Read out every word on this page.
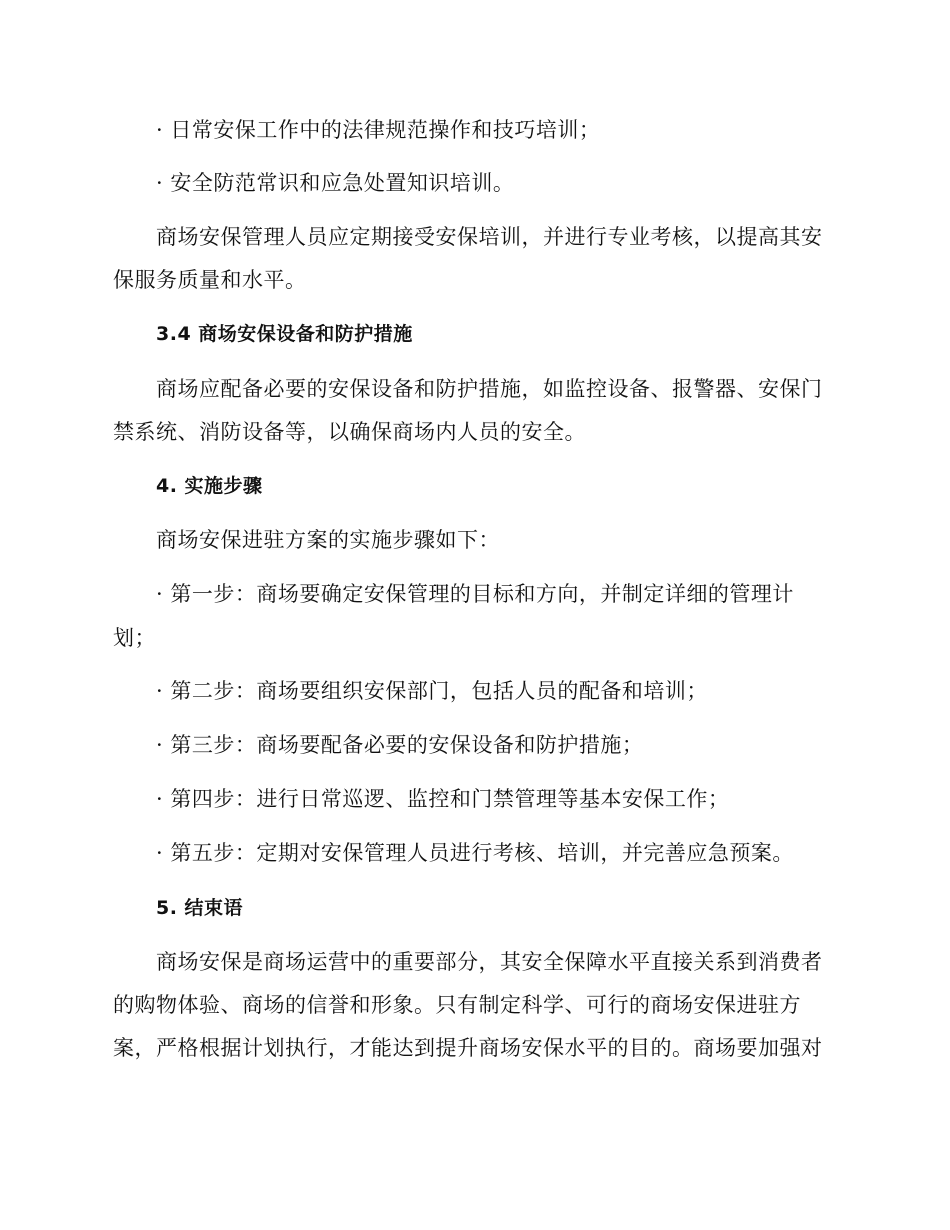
· 日常安保工作中的法律规范操作和技巧培训；
· 安全防范常识和应急处置知识培训。
商场安保管理人员应定期接受安保培训，并进行专业考核，以提高其安
保服务质量和水平。
3.4 商场安保设备和防护措施
商场应配备必要的安保设备和防护措施，如监控设备、报警器、安保门
禁系统、消防设备等，以确保商场内人员的安全。
4. 实施步骤
商场安保进驻方案的实施步骤如下：
· 第一步：商场要确定安保管理的目标和方向，并制定详细的管理计
划；
· 第二步：商场要组织安保部门，包括人员的配备和培训；
· 第三步：商场要配备必要的安保设备和防护措施；
· 第四步：进行日常巡逻、监控和门禁管理等基本安保工作；
· 第五步：定期对安保管理人员进行考核、培训，并完善应急预案。
5. 结束语
商场安保是商场运营中的重要部分，其安全保障水平直接关系到消费者
的购物体验、商场的信誉和形象。只有制定科学、可行的商场安保进驻方
案，严格根据计划执行，才能达到提升商场安保水平的目的。商场要加强对
